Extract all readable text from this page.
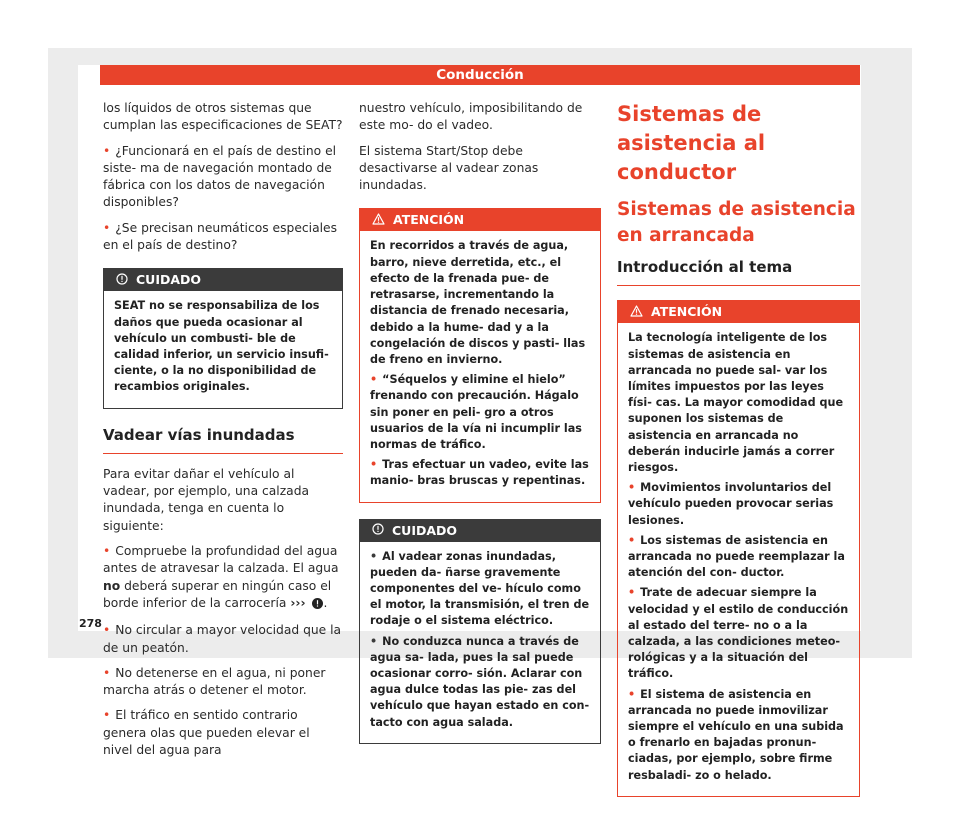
Conducción

los líquidos de otros sistemas que cumplan las especificaciones de SEAT?

• ¿Funcionará en el país de destino el siste- ma de navegación montado de fábrica con los datos de navegación disponibles?

• ¿Se precisan neumáticos especiales en el país de destino?

CUIDADO

SEAT no se responsabiliza de los daños que pueda ocasionar al vehículo un combusti- ble de calidad inferior, un servicio insufi- ciente, o la no disponibilidad de recambios originales.

Vadear vías inundadas

Para evitar dañar el vehículo al vadear, por ejemplo, una calzada inundada, tenga en cuenta lo siguiente:

• Compruebe la profundidad del agua antes de atravesar la calzada. El agua no deberá superar en ningún caso el borde inferior de la carrocería ››› .

• No circular a mayor velocidad que la de un peatón.

• No detenerse en el agua, ni poner marcha atrás o detener el motor.

• El tráfico en sentido contrario genera olas que pueden elevar el nivel del agua para

nuestro vehículo, imposibilitando de este mo- do el vadeo.

El sistema Start/Stop debe desactivarse al vadear zonas inundadas.

ATENCIÓN

En recorridos a través de agua, barro, nieve derretida, etc., el efecto de la frenada pue- de retrasarse, incrementando la distancia de frenado necesaria, debido a la hume- dad y a la congelación de discos y pasti- llas de freno en invierno.

• “Séquelos y elimine el hielo” frenando con precaución. Hágalo sin poner en peli- gro a otros usuarios de la vía ni incumplir las normas de tráfico.

• Tras efectuar un vadeo, evite las manio- bras bruscas y repentinas.

CUIDADO

• Al vadear zonas inundadas, pueden da- ñarse gravemente componentes del ve- hículo como el motor, la transmisión, el tren de rodaje o el sistema eléctrico.

• No conduzca nunca a través de agua sa- lada, pues la sal puede ocasionar corro- sión. Aclarar con agua dulce todas las pie- zas del vehículo que hayan estado en con- tacto con agua salada.

Sistemas de asistencia al conductor
Sistemas de asistencia en arrancada
Introducción al tema
ATENCIÓN

La tecnología inteligente de los sistemas de asistencia en arrancada no puede sal- var los límites impuestos por las leyes físi- cas. La mayor comodidad que suponen los sistemas de asistencia en arrancada no deberán inducirle jamás a correr riesgos.

• Movimientos involuntarios del vehículo pueden provocar serias lesiones.

• Los sistemas de asistencia en arrancada no puede reemplazar la atención del con- ductor.

• Trate de adecuar siempre la velocidad y el estilo de conducción al estado del terre- no o a la calzada, a las condiciones meteo- rológicas y a la situación del tráfico.

• El sistema de asistencia en arrancada no puede inmovilizar siempre el vehículo en una subida o frenarlo en bajadas pronun- ciadas, por ejemplo, sobre firme resbaladi- zo o helado.

278
